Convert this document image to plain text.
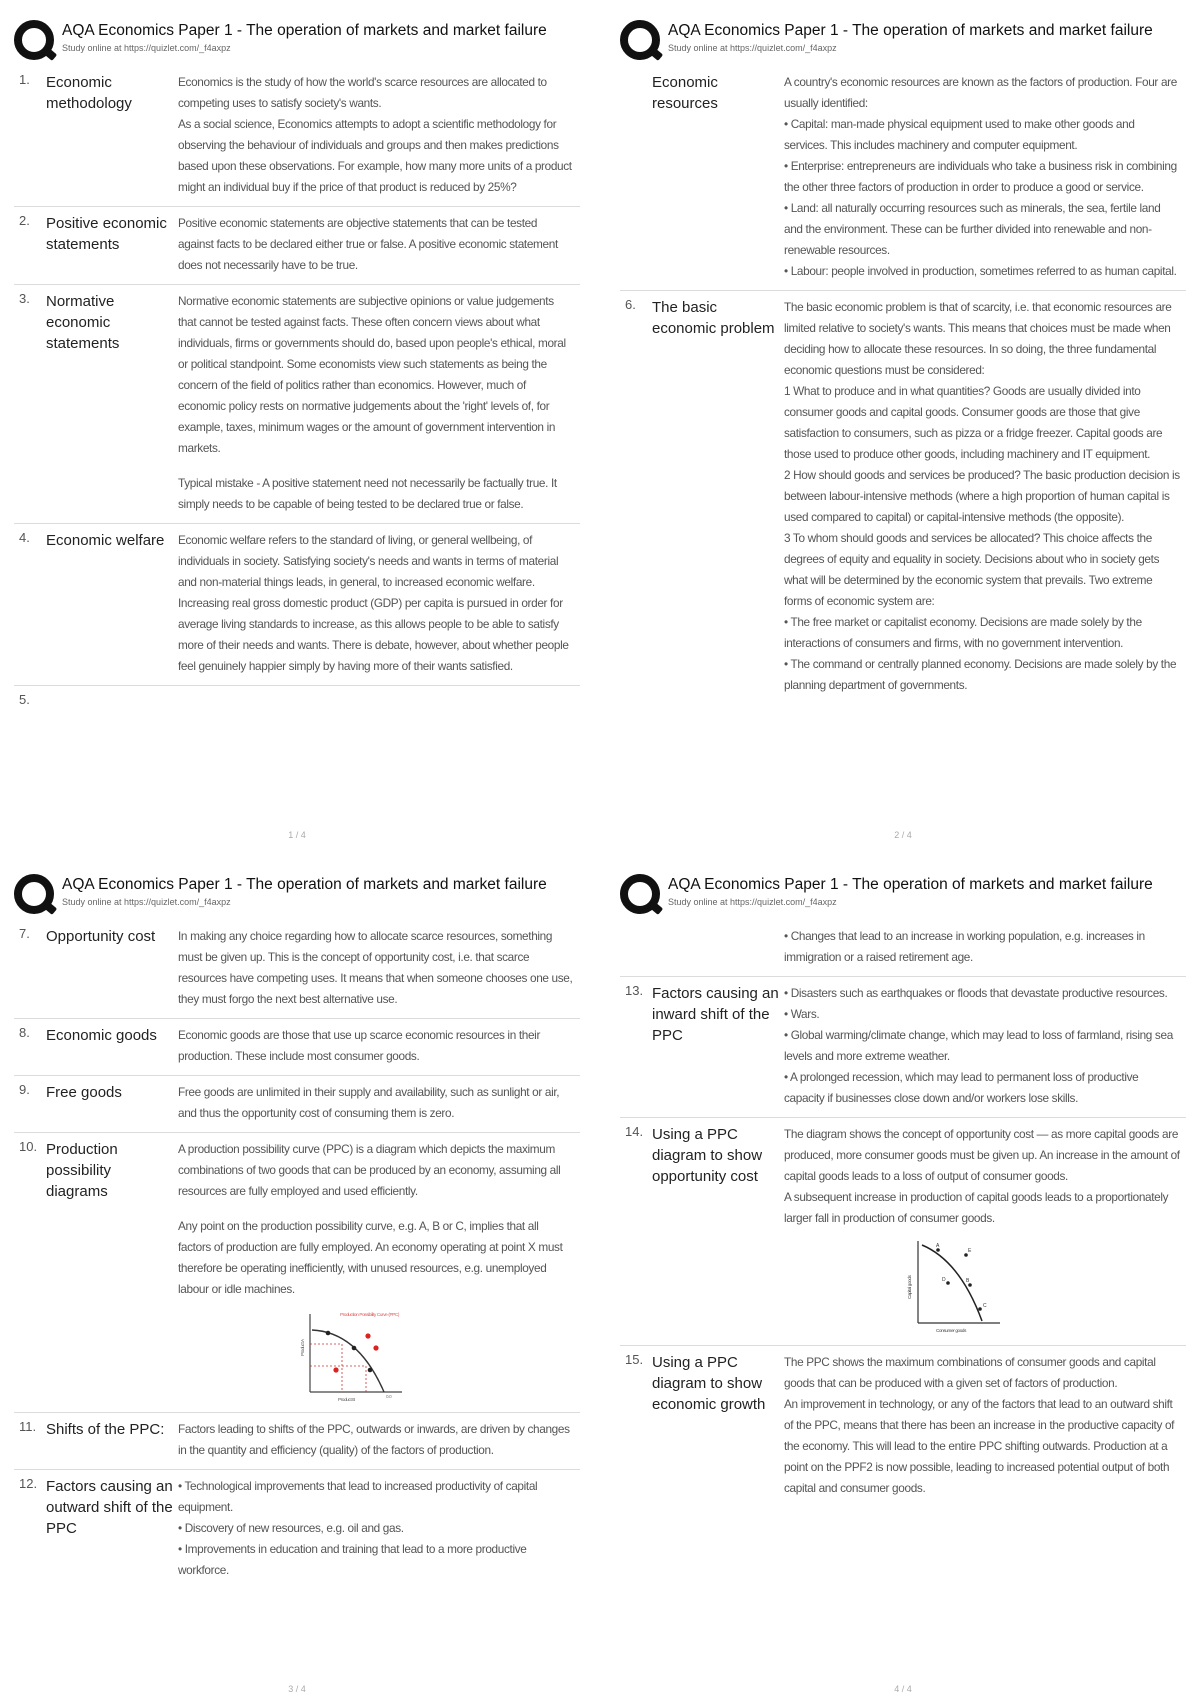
AQA Economics Paper 1 - The operation of markets and market failure
Study online at https://quizlet.com/_f4axpz
1.	Economic methodology

Economics is the study of how the world's scarce resources are allocated to competing uses to satisfy society's wants.

As a social science, Economics attempts to adopt a scientific methodology for observing the behaviour of individuals and groups and then makes predictions based upon these observations. For example, how many more units of a product might an individual buy if the price of that product is reduced by 25%?

2.	Positive economic statements

Positive economic statements are objective statements that can be tested against facts to be declared either true or false. A positive economic statement does not necessarily have to be true.

3.	Normative economic statements

Normative economic statements are subjective opinions or value judgements that cannot be tested against facts. These often concern views about what individuals, firms or governments should do, based upon people's ethical, moral or political standpoint. Some economists view such statements as being the concern of the field of politics rather than economics. However, much of economic policy rests on normative judgements about the 'right' levels of, for example, taxes, minimum wages or the amount of government intervention in markets.

Typical mistake - A positive statement need not necessarily be factually true. It simply needs to be capable of being tested to be declared true or false.

4.	Economic welfare	Economic welfare refers to the standard of living, or general wellbeing, of individuals in society. Satisfying society's needs and wants in terms of material and non-material things leads, in general, to increased economic welfare. Increasing real gross domestic product (GDP) per capita is pursued in order for average living standards to increase, as this allows people to be able to satisfy more of their needs and wants. There is debate, however, about whether people feel genuinely happier simply by having more of their wants satisfied.

5.
1 / 4
AQA Economics Paper 1 - The operation of markets and market failure
Study online at https://quizlet.com/_f4axpz
Economic resources

A country's economic resources are known as the factors of production. Four are usually identified:

• Capital: man-made physical equipment used to make other goods and services. This includes machinery and computer equipment.

• Enterprise: entrepreneurs are individuals who take a business risk in combining the other three factors of production in order to produce a good or service.

• Land: all naturally occurring resources such as minerals, the sea, fertile land and the environment. These can be further divided into renewable and non-renewable resources.

• Labour: people involved in production, sometimes referred to as human capital.

6.	The basic economic problem

The basic economic problem is that of scarcity, i.e. that economic resources are limited relative to society's wants. This means that choices must be made when deciding how to allocate these resources. In so doing, the three fundamental economic questions must be considered:

1 What to produce and in what quantities? Goods are usually divided into consumer goods and capital goods. Consumer goods are those that give satisfaction to consumers, such as pizza or a fridge freezer. Capital goods are those used to produce other goods, including machinery and IT equipment.

2 How should goods and services be produced? The basic production decision is between labour-intensive methods (where a high proportion of human capital is used compared to capital) or capital-intensive methods (the opposite).

3 To whom should goods and services be allocated? This choice affects the degrees of equity and equality in society. Decisions about who in society gets what will be determined by the economic system that prevails. Two extreme forms of economic system are:

• The free market or capitalist economy. Decisions are made solely by the interactions of consumers and firms, with no government intervention.

• The command or centrally planned economy. Decisions are made solely by the planning department of governments.

2 / 4
AQA Economics Paper 1 - The operation of markets and market failure
Study online at https://quizlet.com/_f4axpz
7.	Opportunity cost	In making any choice regarding how to allocate scarce resources, something must be given up. This is the concept of opportunity cost, i.e. that scarce resources have competing uses. It means that when someone chooses one use, they must forgo the next best alternative use.

8.	Economic goods	Economic goods are those that use up scarce economic resources in their production. These include most consumer goods.

9.	Free goods	Free goods are unlimited in their supply and availability, such as sunlight or air, and thus the opportunity cost of consuming them is zero.

10. Production possibility diagrams

A production possibility curve (PPC) is a diagram which depicts the maximum combinations of two goods that can be produced by an economy, assuming all resources are fully employed and used efficiently.

Any point on the production possibility curve, e.g. A, B or C, implies that all factors of production are fully employed. An economy operating at point X must therefore be operating inefficiently, with unused resources, e.g. unemployed labour or idle machines.

Production Possibility Curve (PPC)
Product A
Product B
0.0
11. Shifts of the PPC:	Factors leading to shifts of the PPC, outwards or inwards, are driven by changes in the quantity and efficiency (quality) of the factors of production.

12. Factors causing an outward shift of the PPC

• Technological improvements that lead to increased productivity of capital equipment.

• Discovery of new resources, e.g. oil and gas.

• Improvements in education and training that lead to a more productive workforce.

3 / 4
AQA Economics Paper 1 - The operation of markets and market failure
Study online at https://quizlet.com/_f4axpz

• Changes that lead to an increase in working population, e.g. increases in immigration or a raised retirement age.

13. Factors causing an inward shift of the PPC

• Disasters such as earthquakes or floods that devastate productive resources.

• Wars.

• Global warming/climate change, which may lead to loss of farmland, rising sea levels and more extreme weather.

• A prolonged recession, which may lead to permanent loss of productive capacity if businesses close down and/or workers lose skills.

14. Using a PPC diagram to show opportunity cost

The diagram shows the concept of opportunity cost — as more capital goods are produced, more consumer goods must be given up. An increase in the amount of capital goods leads to a loss of output of consumer goods.

A subsequent increase in production of capital goods leads to a proportionately larger fall in production of consumer goods.

A
B
C
D
E
Capital goods
Consumer goods
15. Using a PPC diagram to show economic growth

The PPC shows the maximum combinations of consumer goods and capital goods that can be produced with a given set of factors of production.

An improvement in technology, or any of the factors that lead to an outward shift of the PPC, means that there has been an increase in the productive capacity of the economy. This will lead to the entire PPC shifting outwards. Production at a point on the PPF2 is now possible, leading to increased potential output of both capital and consumer goods.

4 / 4
